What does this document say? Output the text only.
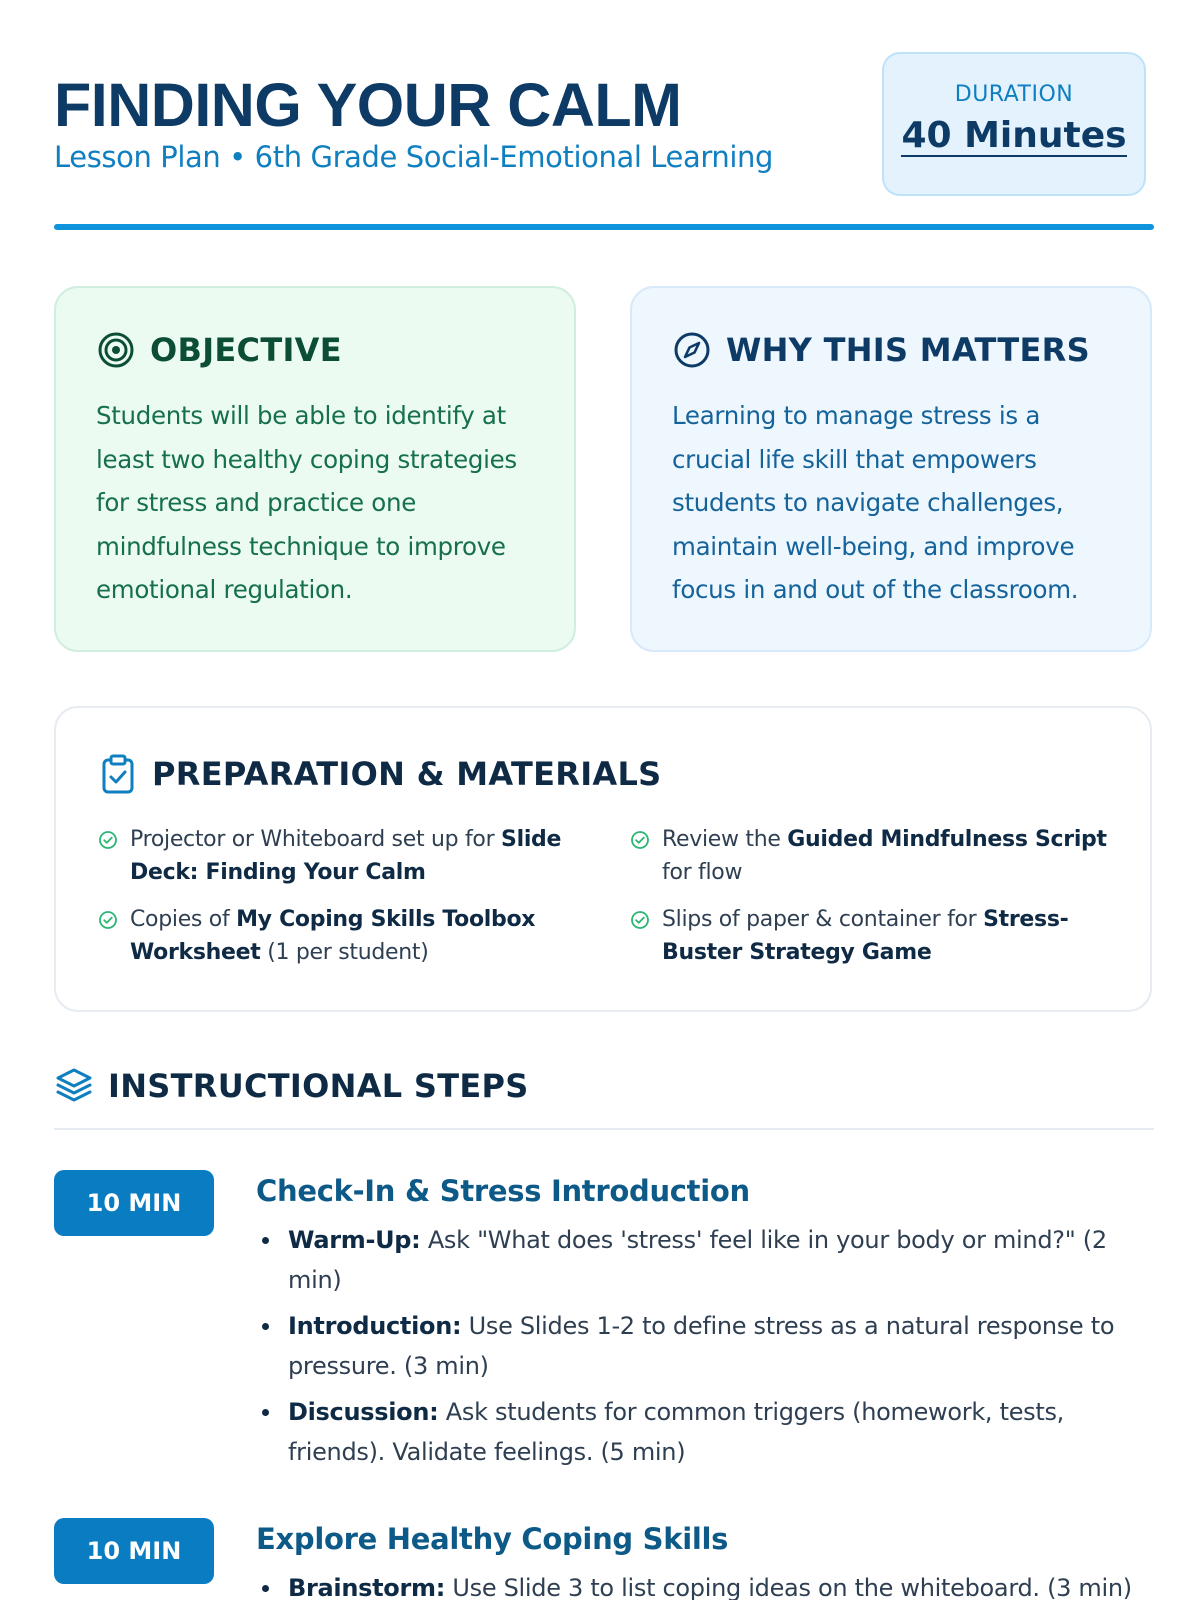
FINDING YOUR CALM
Lesson Plan • 6th Grade Social-Emotional Learning
DURATION
40 Minutes
OBJECTIVE

Students will be able to identify at least two healthy coping strategies for stress and practice one mindfulness technique to improve emotional regulation.

WHY THIS MATTERS

Learning to manage stress is a crucial life skill that empowers students to navigate challenges, maintain well-being, and improve focus in and out of the classroom.

PREPARATION & MATERIALS
Projector or Whiteboard set up for Slide Deck: Finding Your Calm
Review the Guided Mindfulness Script for flow
Copies of My Coping Skills Toolbox Worksheet (1 per student)
Slips of paper & container for Stress-Buster Strategy Game
INSTRUCTIONAL STEPS
10 MIN	Check-In & Stress Introduction
Warm-Up: Ask "What does 'stress' feel like in your body or mind?" (2 min)
Introduction: Use Slides 1-2 to define stress as a natural response to pressure. (3 min)
Discussion: Ask students for common triggers (homework, tests, friends). Validate feelings. (5 min)
10 MIN	Explore Healthy Coping Skills
Brainstorm: Use Slide 3 to list coping ideas on the whiteboard. (3 min)
